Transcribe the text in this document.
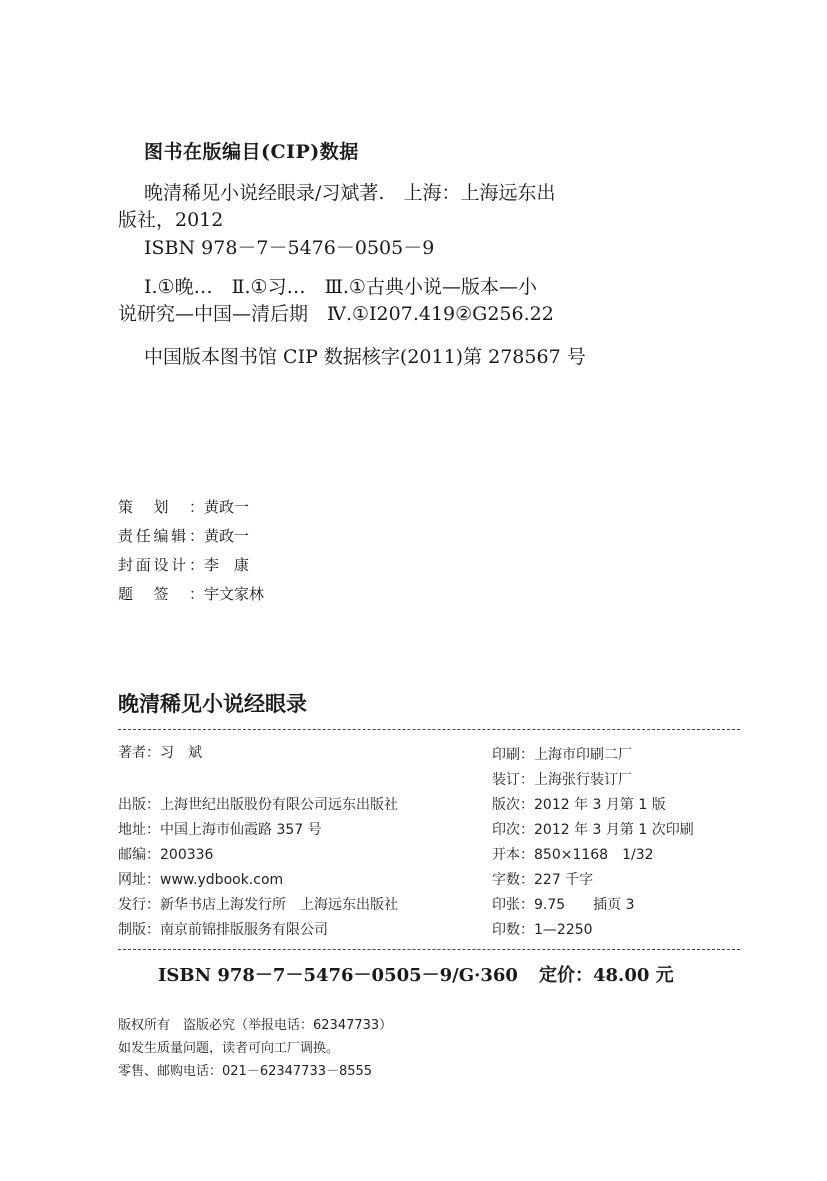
图书在版编目(CIP)数据
晚清稀见小说经眼录/习斌著.　上海：上海远东出
版社，2012
ISBN 978－7－5476－0505－9
Ⅰ.①晚…　Ⅱ.①习…　Ⅲ.①古典小说—版本—小
说研究—中国—清后期　Ⅳ.①I207.419②G256.22
中国版本图书馆 CIP 数据核字(2011)第 278567 号
策划：黄政一
责任编辑：黄政一
封面设计：李　康
题签：宇文家林
晚清稀见小说经眼录
著者：习　斌
出版：上海世纪出版股份有限公司远东出版社
地址：中国上海市仙霞路 357 号
邮编：200336
网址：www.ydbook.com
发行：新华书店上海发行所　上海远东出版社
制版：南京前锦排版服务有限公司
印刷：上海市印刷二厂
装订：上海张行装订厂
版次：2012 年 3 月第 1 版
印次：2012 年 3 月第 1 次印刷
开本：850×1168　1/32
字数：227 千字
印张：9.75　　插页 3
印数：1—2250
ISBN 978－7－5476－0505－9/G·360 定价：48.00 元
版权所有　盗版必究（举报电话：62347733）
如发生质量问题，读者可向工厂调换。
零售、邮购电话：021－62347733－8555
